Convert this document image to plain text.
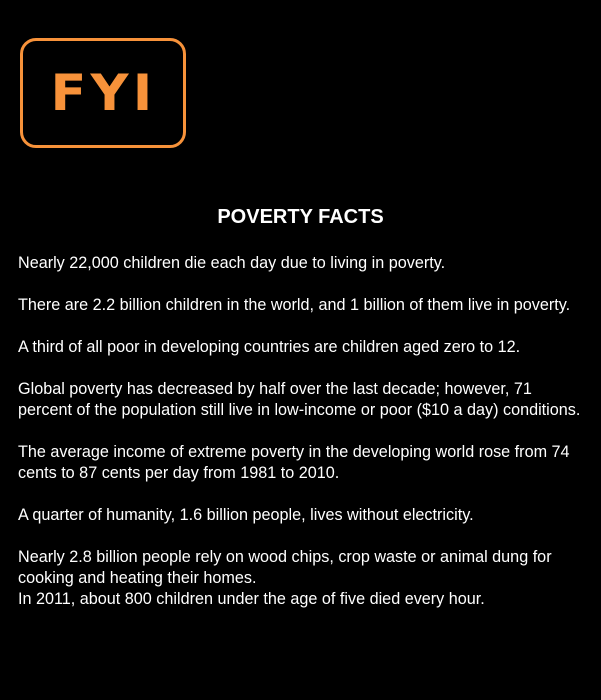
FYI
POVERTY FACTS
Nearly 22,000 children die each day due to living in poverty.
There are 2.2 billion children in the world, and 1 billion of them live in poverty.
A third of all poor in developing countries are children aged zero to 12.
Global poverty has decreased by half over the last decade; however, 71 percent of the population still live in low-income or poor ($10 a day) conditions.
The average income of extreme poverty in the developing world rose from 74 cents to 87 cents per day from 1981 to 2010.
A quarter of humanity, 1.6 billion people, lives without electricity.
Nearly 2.8 billion people rely on wood chips, crop waste or animal dung for cooking and heating their homes.
In 2011, about 800 children under the age of five died every hour.
